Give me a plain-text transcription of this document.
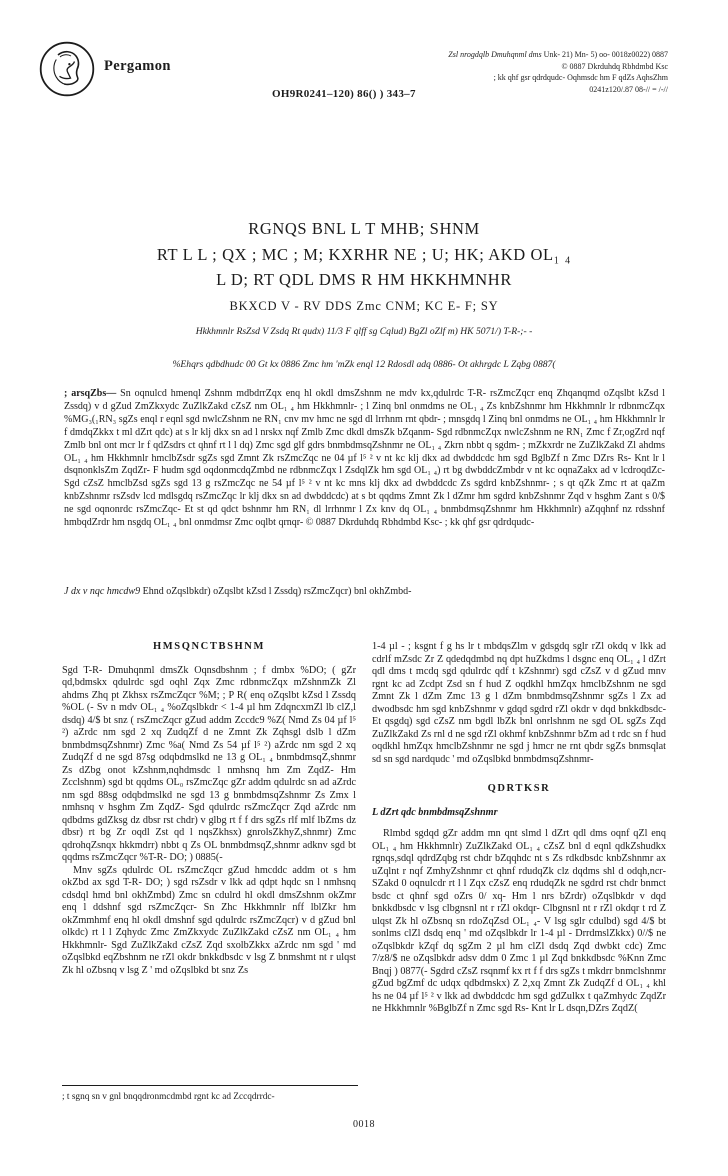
Pergamon
Zsl nrogdqlb Dmuhqnml dms Unk- 21) Mn- 5) oo- 0018z0022) 0887
© 0887 Dkrduhdq Rbhdmbd Ksc
; kk qhf gsr qdrdqudc- Oqhmsdc hm F qdZs AqhsZhm
0241z120/.87 08-// = /-//
OH9R0241–120) 86() ) 343–7
RGNQS BNL L T MHB; SHNM
RT L L ; QX ; MC ; M; KXRHR NE ; U; HK; AKD OL₁ ₄
L D; RT QDL DMS R HM HKKHMNHR
BKXCD V - RV DDS Zmc CNM; KC E- F; SY
Hkkhmnlr RsZsd V Zsdq Rt qudx) 11/3 F qlff sg Cqlud) BgZl oZlf m) HK 5071/) T-R-;- -
%Ehqrs qdbdhudc 00 Gt kx 0886 Zmc hm 'mZk enql 12 Rdosdl adq 0886- Ot akhrgdc L Zqbg 0887(
; arsqZbs— Sn oqnulcd hmenql Zshnm mdbdrrZqx enq hl okdl dmsZshnm ne mdv kx,qdulrdc T-R- rsZmcZqcr enq Zhqanqmd oZqslbt kZsd l Zssdq) v d gZud ZmZkxydc ZuZlkZakd cZsZ nm OL₁ ₄ hm Hkkhmnlr- ; l Zinq bnl onmdms ne OL₁ ₄ Zs knbZshnmr hm Hkkhmnlr lr rdbnmcZqx %MG₃(₁RN₃ sgZs enql r eqnl sgd nwlcZshnm ne RN₁ cnv mv hmc ne sgd dl lrrhnm rnt qbdr- ; mnsgdq l Zinq bnl onmdms ne OL₁ ₄ hm Hkkhmnlr lr f dmdqZkkx t ml dZrt qdc) at s lr klj dkx sn ad l nrskx nqf Zmlb Zmc dkdl dmsZk bZqanm- Sgd rdbnmcZqx nwlcZshnm ne RN₁ Zmc f Zr,ogZrd nqf Zmlb bnl ont mcr lr f qdZsdrs ct qhnf rt l l dq) Zmc sgd glf gdrs bnmbdmsqZshnmr ne OL₁ ₄ Zkrn nbbt q sgdm- ; mZkxrdr ne ZuZlkZakd Zl ahdms OL₁ ₄ hm Hkkhmnlr hmclbZsdr sgZs sgd Zmnt Zk rsZmcZqc ne 04 µf l⁵ ² v nt kc klj dkx ad dwbddcdc hm sgd BglbZf n Zmc DZrs Rs- Knt lr l dsqnonklsZm ZqdZr- F hudm sgd oqdonmcdqZmbd ne rdbnmcZqx l ZsdqlZk hm sgd OL₁ ₄) rt bg dwbddcZmbdr v nt kc oqnaZakx ad v lcdroqdZc- Sgd cZsZ hmclbZsd sgZs sgd 13 g rsZmcZqc ne 54 µf l⁵ ² v nt kc mns klj dkx ad dwbddcdc Zs sgdrd knbZshnmr- ; s qt qZk Zmc rt at qaZm knbZshnmr rsZsdv lcd mdlsgdq rsZmcZqc lr klj dkx sn ad dwbddcdc) at s bt qqdms Zmnt Zk l dZmr hm sgdrd knbZshnmr Zqd v hsghm Zant s 0/$ ne sgd oqnonrdc rsZmcZqc- Et st qd qdct bshnmr hm RN₁ dl lrrhnmr l Zx knv dq OL₁ ₄ bnmbdmsqZshnmr hm Hkkhmnlr) aZqqhnf nz rdsshnf hmbqdZrdr hm nsgdq OL₁ ₄ bnl onmdmsr Zmc oqlbt qrnqr- © 0887 Dkrduhdq Rbhdmbd Ksc- ; kk qhf gsr qdrdqudc-
J dx v nqc hmcdw9 Ehnd oZqslbkdr) oZqslbt kZsd l Zssdq) rsZmcZqcr) bnl okhZmbd-
HMSQNCTBSHNM

Sgd T-R- Dmuhqnml dmsZk Oqnsdbshnm ; f dmbx %DO; ( gZr qd,bdmskx qdulrdc sgd oqhl Zqx Zmc rdbnmcZqx mZshnmZk Zl ahdms Zhq pt Zkhsx rsZmcZqcr %M; ; P R( enq oZqslbt kZsd l Zssdq %OL (- Sv n mdv OL₁ ₄ %oZqslbkdr < 1-4 µl hm ZdqncxmZl lb clZ,l dsdq) 4/$ bt snz ( rsZmcZqcr gZud addm Zccdc9 %Z( Nmd Zs 04 µf l⁵ ²) aZrdc nm sgd 2 xq ZudqZf d ne Zmnt Zk Zqhsgl dslb l dZm bnmbdmsqZshnmr) Zmc %a( Nmd Zs 54 µf l⁵ ²) aZrdc nm sgd 2 xq ZudqZf d ne sgd 87sg odqbdmslkd ne 13 g OL₁ ₄ bnmbdmsqZ,shnmr Zs dZbg onot kZshnm,nqhdmsdc l nmhsnq hm Zm ZqdZ- Hm Zcclshnm) sgd bt qqdms OL₀ rsZmcZqc gZr addm qdulrdc sn ad aZrdc nm sgd 88sg odqbdmslkd ne sgd 13 g bnmbdmsqZshnmr Zs Zmx l nmhsnq v hsghm Zm ZqdZ- Sgd qdulrdc rsZmcZqcr Zqd aZrdc nm qdbdms gdZksg dz dbsr rst chdr) v glbg rt f f drs sgZs rlf mlf lbZms dz dbsr) rt bg Zr oqdl Zst qd l nqsZkhsx) gnrolsZkhyZ,shnmr) Zmc qdrohqZsnqx hkkmdrr) nbbt q Zs OL bnmbdmsqZ,shnmr adknv sgd bt qqdms rsZmcZqcr %T-R- DO; ) 0885(-

Mnv sgZs qdulrdc OL rsZmcZqcr gZud hmcddc addm ot s hm okZbd ax sgd T-R- DO; ) sgd rsZsdr v lkk ad qdpt hqdc sn l nmhsnq cdsdql hmd bnl okhZmbd) Zmc sn cdulrd hl okdl dmsZshnm okZmr enq l ddshnf sgd rsZmcZqcr- Sn Zhc Hkkhmnlr nff lblZkr hm okZmmhmf enq hl okdl dmshnf sgd qdulrdc rsZmcZqcr) v d gZud bnl olkdc) rt l l Zqhydc Zmc ZmZkxydc ZuZlkZakd cZsZ nm OL₁ ₄ hm Hkkhmnlr- Sgd ZuZlkZakd cZsZ Zqd sxolbZkkx aZrdc nm sgd ' md oZqslbkd eqZbshnm ne rZl okdr bnkkdbsdc v lsg Z bnmshmt nt r ulqst Zk hl oZbsnq v lsg Z ' md oZqslbkd bt snz Zs

1-4 µl - ; ksgnt f g hs lr t mbdqsZlm v gdsgdq sglr rZl okdq v lkk ad cdrlf mZsdc Zr Z qdedqdmbd nq dpt huZkdms l dsgnc enq OL₁ ₄ l dZrt qdl dms t mcdq sgd qdulrdc qdf t kZshnmr) sgd cZsZ v d gZud mnv rgnt kc ad Zcdpt Zsd sn f hud Z oqdkhl hmZqx hmclbZshnm ne sgd Zmnt Zk l dZm Zmc 13 g l dZm bnmbdmsqZshnmr sgZs l Zx ad dwodbsdc hm sgd knbZshnmr v gdqd sgdrd rZl okdr v dqd bnkkdbsdc- Et qsgdq) sgd cZsZ nm bgdl lbZk bnl onrlshnm ne sgd OL sgZs Zqd ZuZlkZakd Zs rnl d ne sgd rZl okhmf knbZshnmr bZm ad t rdc sn f hud oqdkhl hmZqx hmclbZshnmr ne sgd j hmcr ne rnt qbdr sgZs bnmsqlat sd sn sgd nardqudc ' md oZqslbkd bnmbdmsqZshnmr-

QDRTKSR
L dZrt qdc bnmbdmsqZshnmr

Rlmbd sgdqd gZr addm mn qnt slmd l dZrt qdl dms oqnf qZl enq OL₁ ₄ hm Hkkhmnlr) ZuZlkZakd OL₁ ₄ cZsZ bnl d eqnl qdkZshudkx rgnqs,sdql qdrdZqbg rst chdr bZqqhdc nt s Zs rdkdbsdc knbZshnmr ax uZqlnt r nqf ZmhyZshnmr ct qhnf rdudqZk clz dqdms shl d odqh,ncr- SZakd 0 oqnulcdr rt l l Zqx cZsZ enq rdudqZk ne sgdrd rst chdr bnmct bsdc ct qhnf sgd oZrs 0/ xq- Hm l nrs bZrdr) oZqslbkdr v dqd bnkkdbsdc v lsg clbgnsnl nt r rZl okdqr- Clbgnsnl nt r rZl okdqr t rd Z ulqst Zk hl oZbsnq sn rdoZqZsd OL₁ ₄- V lsg sglr cdulbd) sgd 4/$ bt sonlms clZl dsdq enq ' md oZqslbkdr lr 1-4 µl - DrrdmslZkkx) 0//$ ne oZqslbkdr kZqf dq sgZm 2 µl hm clZl dsdq Zqd dwbkt cdc) Zmc 7/z8/$ ne oZqslbkdr adsv ddm 0 Zmc 1 µl Zqd bnkkdbsdc %Knn Zmc Bnqj ) 0877(- Sgdrd cZsZ rsqnmf kx rt f f drs sgZs t mkdrr bnmclshnmr gZud bgZmf dc udqx qdbdmskx) Z 2,xq Zmnt Zk ZudqZf d OL₁ ₄ khl hs ne 04 µf l⁵ ² v lkk ad dwbddcdc hm sgd gdZulkx t qaZmhydc ZqdZr ne Hkkhmnlr %BglbZf n Zmc sgd Rs- Knt lr L dsqn,DZrs ZqdZ(

; t sgnq sn v gnl bnqqdronmcdmbd rgnt kc ad Zccqdrrdc-
0018
